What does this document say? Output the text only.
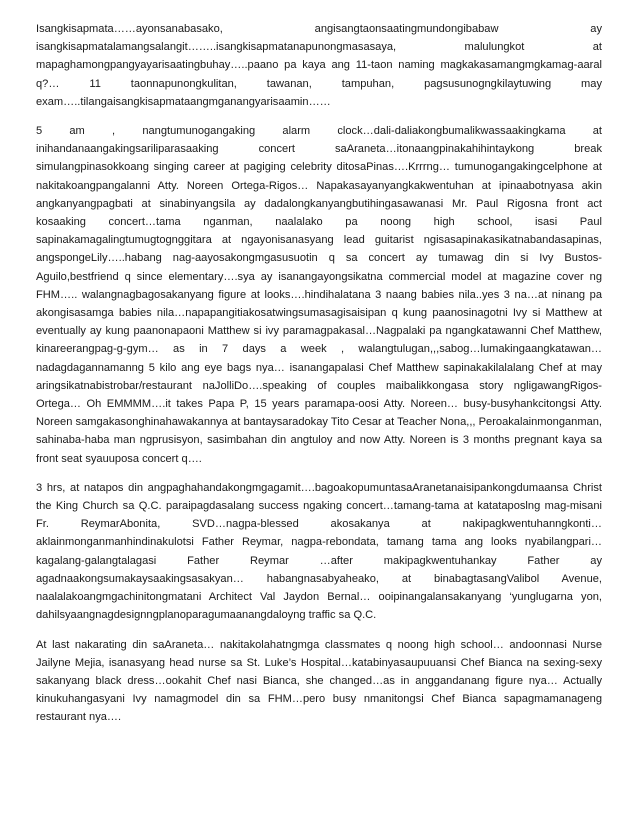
Isangkisapmata……ayonsanabasako, angisangtaonsaatingmundongibabaw ay isangkisapmatalamangsalangit……..isangkisapmatanapunongmasasaya, malulungkot at mapaghamongpangyayarisaatingbuhay…..paano pa kaya ang 11-taon naming magkakasamangmgkamag-aaral q?… 11 taonnapunongkulitan, tawanan, tampuhan, pagsusunogngkilaytuwing may exam…..tilangaisangkisapmataangmganangyarisaamin……

5 am , nangtumunogangaking alarm clock…dali-daliakongbumalikwassaakingkama at inihandanaangakingsariliparasaaking concert saAraneta…itonaangpinakahihintaykong break simulangpinasokkoang singing career at pagiging celebrity ditosaPinas….Krrrng… tumunogangakingcelphone at nakitakoangpangalanni Atty. Noreen Ortega-Rigos… Napakasayanyangkakwentuhan at ipinaabotnyasa akin angkanyangpagbati at sinabinyangsila ay dadalongkanyangbutihingasawanasi Mr. Paul Rigosna front act kosaaking concert…tama nganman, naalalako pa noong high school, isasi Paul sapinakamagalingtumugtognggitara at ngayonisanasyang lead guitarist ngisasapinakasikatnabandasapinas, angspongeLily…..habang nag-aayosakongmgasusuotin q sa concert ay tumawag din si Ivy Bustos-Aguilo,bestfriend q since elementary….sya ay isanangayongsikatna commercial model at magazine cover ng FHM….. walangnagbagosakanyang figure at looks….hindihalatana 3 naang babies nila..yes 3 na…at ninang pa akongisasamga babies nila…napapangitiakosatwingsumasagisaisipan q kung paanosinagotni Ivy si Matthew at eventually ay kung paanonapaoni Matthew si ivy paramagpakasal…Nagpalaki pa ngangkatawanni Chef Matthew, kinareerangpag-g-gym… as in 7 days a week , walangtulugan,,,sabog…lumakingaangkatawan…nadagdagannamanng 5 kilo ang eye bags nya… isanangapalasi Chef Matthew sapinakakilalalang Chef at may aringsikatnabistrobar/restaurant naJolliDo….speaking of couples maibalikkongasa story ngligawangRigos-Ortega… Oh EMMMM….it takes Papa P, 15 years paramapa-oosi Atty. Noreen… busy-busyhankcitongsi Atty. Noreen samgakasonghinahawakannya at bantaysaradokay Tito Cesar at Teacher Nona,,, Peroakalainmonganman, sahinaba-haba man ngprusisyon, sasimbahan din angtuloy and now Atty. Noreen is 3 months pregnant kaya sa front seat syauuposa concert q….

3 hrs, at natapos din angpaghahandakongmgagamit….bagoakopumuntasaAranetanaisipankongdumaansa Christ the King Church sa Q.C. paraipagdasalang success ngaking concert…tamang-tama at katataposlng mag-misani Fr. ReymarAbonita, SVD…nagpa-blessed akosakanya at nakipagkwentuhanngkonti…aklainmonganmanhindinakulotsi Father Reymar, nagpa-rebondata, tamang tama ang looks nyabilangpari…kagalang-galangtalagasi Father Reymar …after makipagkwentuhankay Father ay agadnaakongsumakaysaakingsasakyan… habangnasabyaheako, at binabagtasangValibol Avenue, naalalakoangmgachinitongmatani Architect Val Jaydon Bernal… ooipinangalansakanyang ‘yunglugarna yon, dahilsyaangnagdesignngplanoparagumaanangdaloyng traffic sa Q.C.

At last nakarating din saAraneta… nakitakolahatngmga classmates q noong high school… andoonnasi Nurse Jailyne Mejia, isanasyang head nurse sa St. Luke’s Hospital…katabinyasaupuuansi Chef Bianca na sexing-sexy sakanyang black dress…ookahit Chef nasi Bianca, she changed…as in anggandanang figure nya… Actually kinukuhangasyani Ivy namagmodel din sa FHM…pero busy nmanitongsi Chef Bianca sapagmamanageng restaurant nya….
